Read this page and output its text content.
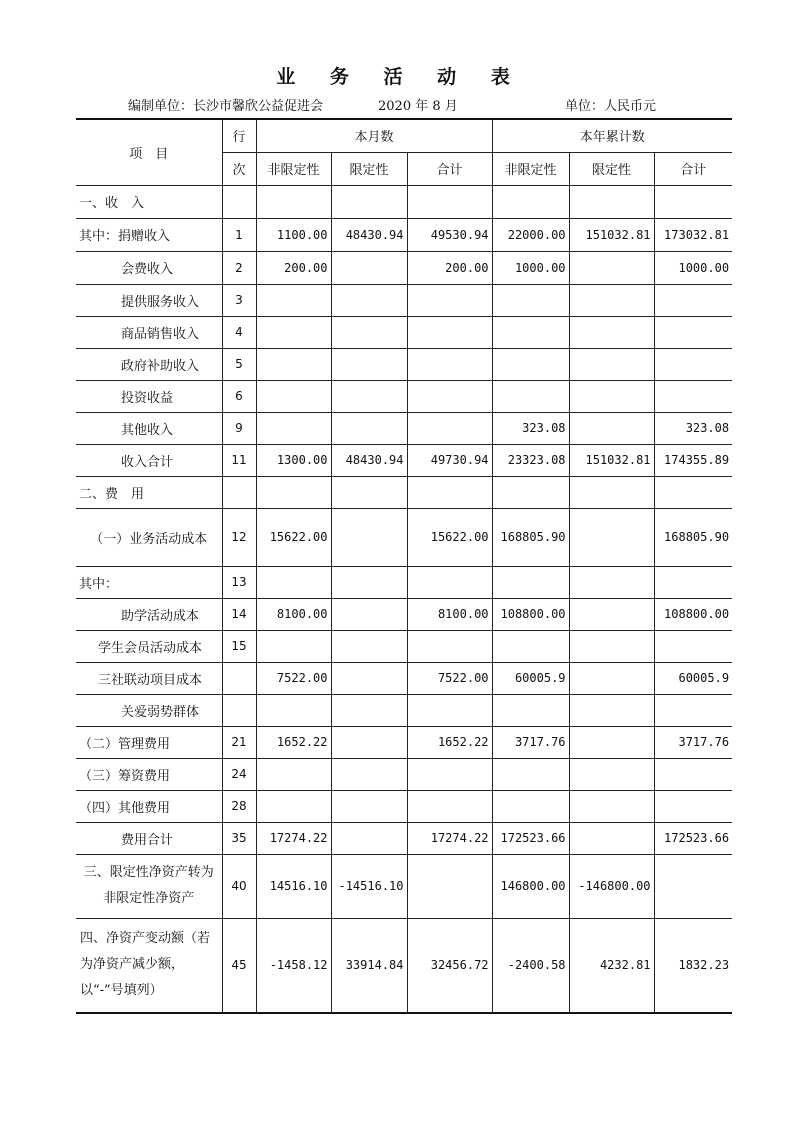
业 务 活 动 表
编制单位：长沙市馨欣公益促进会	2020 年 8 月	单位：人民币元
项　目	行	本月数			本年累计数		
	次	非限定性	限定性	合计	非限定性	限定性	合计
一、收　入							
其中：捐赠收入	1	1100.00	48430.94	49530.94	22000.00	151032.81	173032.81
会费收入	2	200.00		200.00	1000.00		1000.00
提供服务收入	3						
商品销售收入	4						
政府补助收入	5						
投资收益	6						
其他收入	9				323.08		323.08
收入合计	11	1300.00	48430.94	49730.94	23323.08	151032.81	174355.89
二、费　用							
（一）业务活动成本	12	15622.00		15622.00	168805.90		168805.90
其中：	13						
助学活动成本	14	8100.00		8100.00	108800.00		108800.00
学生会员活动成本	15						
三社联动项目成本		7522.00		7522.00	60005.9		60005.9
关爱弱势群体							
（二）管理费用	21	1652.22		1652.22	3717.76		3717.76
（三）筹资费用	24						
（四）其他费用	28						
费用合计	35	17274.22		17274.22	172523.66		172523.66
三、限定性净资产转为非限定性净资产	40	14516.10	-14516.10		146800.00	-146800.00	
四、净资产变动额（若为净资产减少额，以“-”号填列）	45	-1458.12	33914.84	32456.72	-2400.58	4232.81	1832.23
